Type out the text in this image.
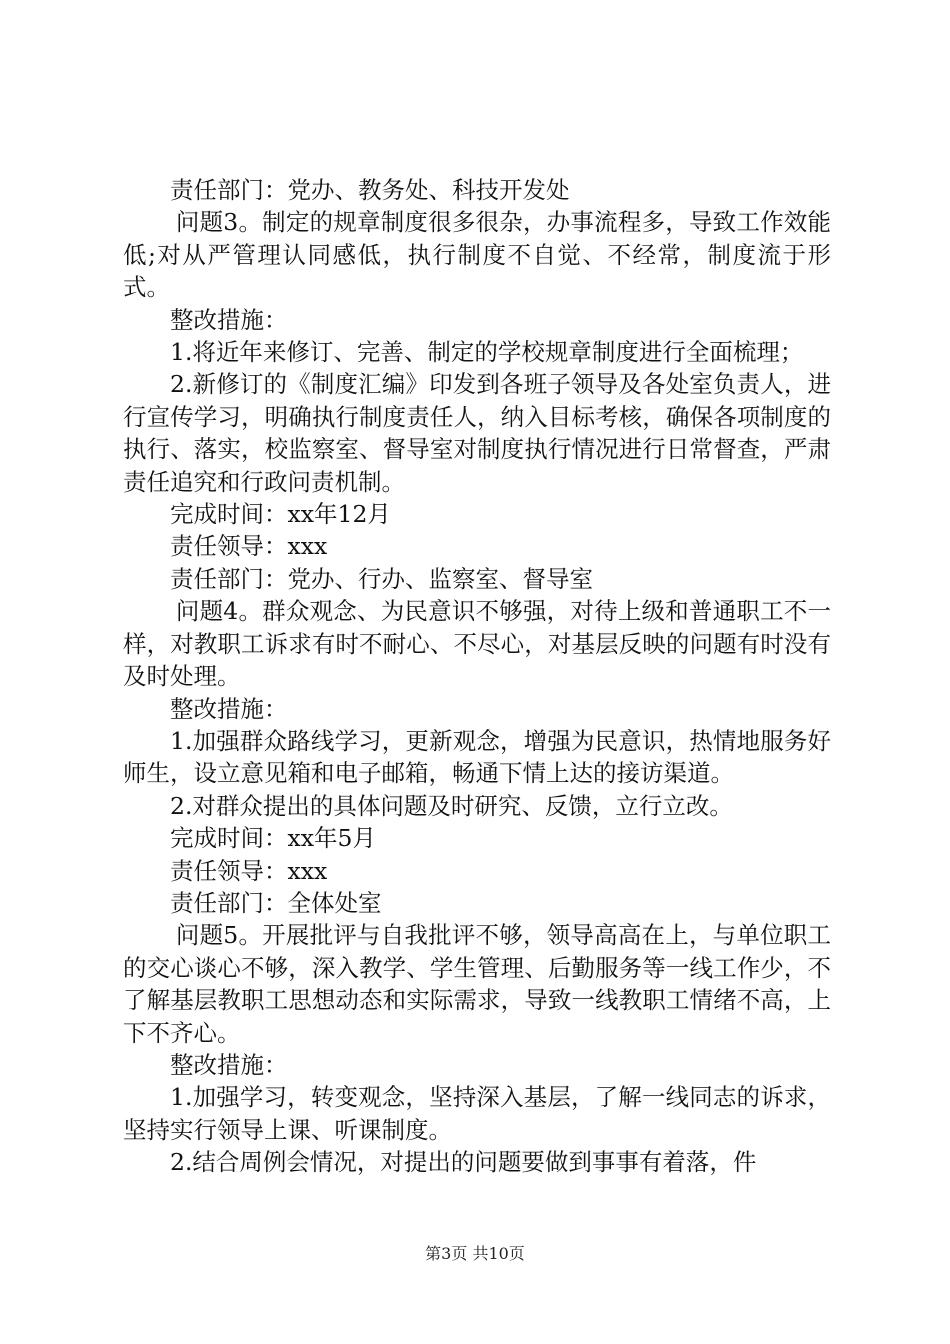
责任部门：党办、教务处、科技开发处

问题3。制定的规章制度很多很杂，办事流程多，导致工作效能低;对从严管理认同感低，执行制度不自觉、不经常，制度流于形式。

整改措施：

1.将近年来修订、完善、制定的学校规章制度进行全面梳理；

2.新修订的《制度汇编》印发到各班子领导及各处室负责人，进行宣传学习，明确执行制度责任人，纳入目标考核，确保各项制度的执行、落实，校监察室、督导室对制度执行情况进行日常督查，严肃责任追究和行政问责机制。

完成时间：xx年12月

责任领导：xxx

责任部门：党办、行办、监察室、督导室

问题4。群众观念、为民意识不够强，对待上级和普通职工不一样，对教职工诉求有时不耐心、不尽心，对基层反映的问题有时没有及时处理。

整改措施：

1.加强群众路线学习，更新观念，增强为民意识，热情地服务好师生，设立意见箱和电子邮箱，畅通下情上达的接访渠道。

2.对群众提出的具体问题及时研究、反馈，立行立改。

完成时间：xx年5月

责任领导：xxx

责任部门：全体处室

问题5。开展批评与自我批评不够，领导高高在上，与单位职工的交心谈心不够，深入教学、学生管理、后勤服务等一线工作少，不了解基层教职工思想动态和实际需求，导致一线教职工情绪不高，上下不齐心。

整改措施：

1.加强学习，转变观念，坚持深入基层，了解一线同志的诉求，坚持实行领导上课、听课制度。

2.结合周例会情况，对提出的问题要做到事事有着落，件

第3页 共10页
